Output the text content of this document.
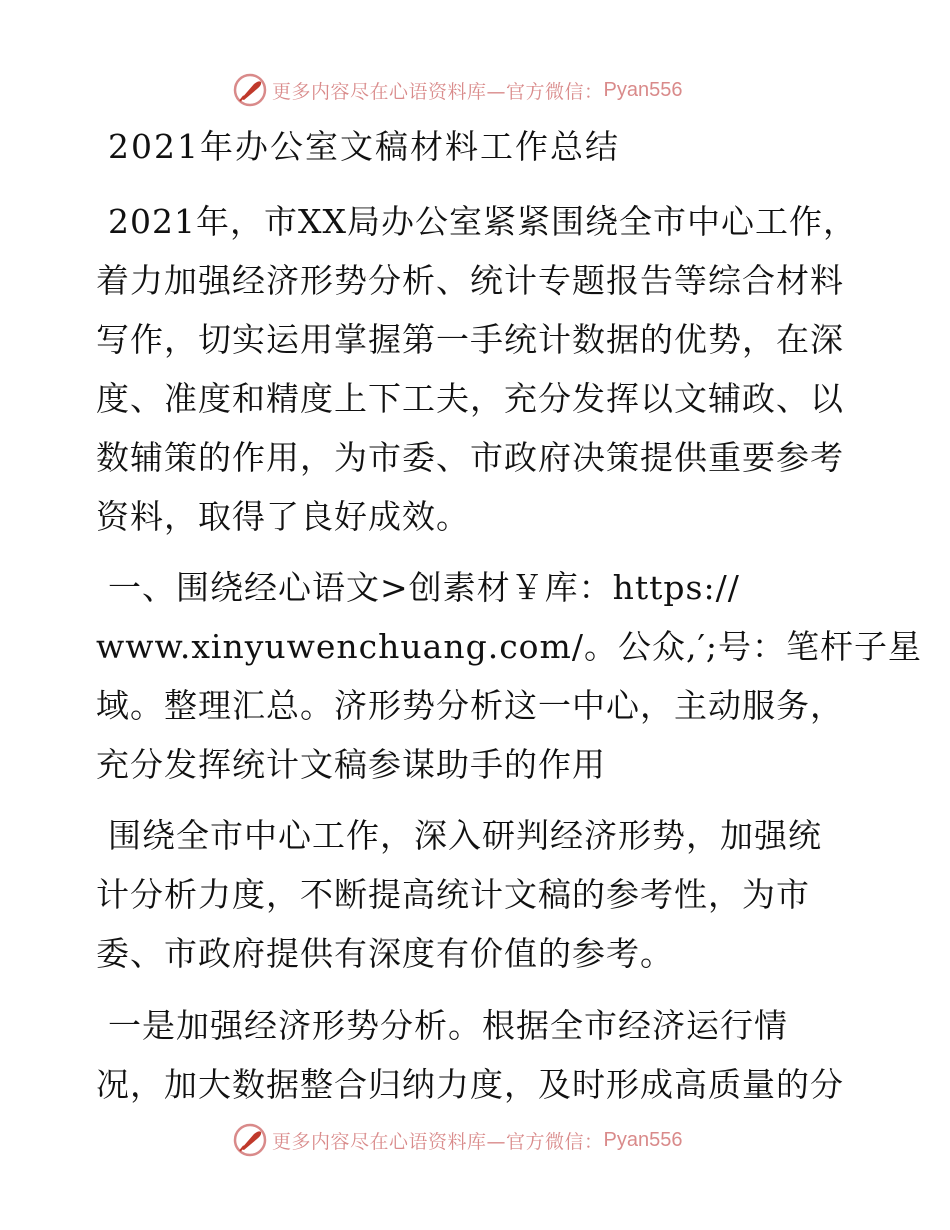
更多内容尽在心语资料库—官方微信： Pyan556
2021年办公室文稿材料工作总结
2021年，市XX局办公室紧紧围绕全市中心工作，
着力加强经济形势分析、统计专题报告等综合材料
写作，切实运用掌握第一手统计数据的优势，在深
度、准度和精度上下工夫，充分发挥以文辅政、以
数辅策的作用，为市委、市政府决策提供重要参考
资料，取得了良好成效。
一、围绕经心语文>创素材￥库：https://
www.xinyuwenchuang.com/。公众,′;号：笔杆子星
域。整理汇总。济形势分析这一中心，主动服务，
充分发挥统计文稿参谋助手的作用
围绕全市中心工作，深入研判经济形势，加强统
计分析力度，不断提高统计文稿的参考性，为市
委、市政府提供有深度有价值的参考。
一是加强经济形势分析。根据全市经济运行情
况，加大数据整合归纳力度，及时形成高质量的分
更多内容尽在心语资料库—官方微信： Pyan556
